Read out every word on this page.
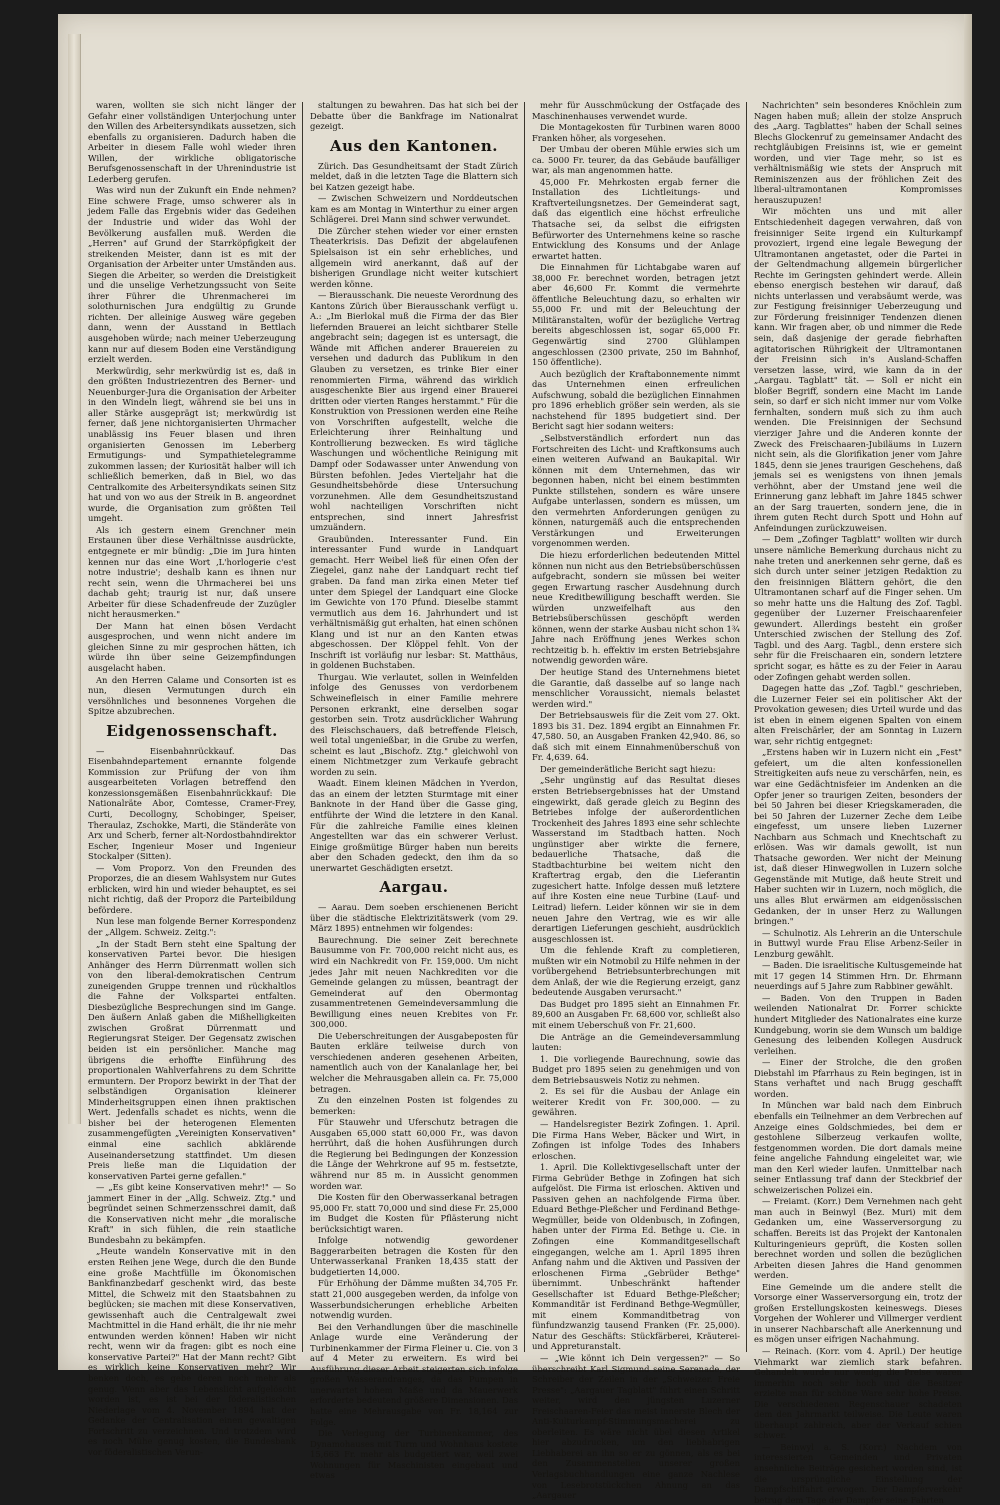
waren, wollten sie sich nicht länger der Gefahr einer vollständigen Unterjochung unter den Willen des Arbeitersyndikats aussetzen, sich ebenfalls zu organisieren. Dadurch haben die Arbeiter in diesem Falle wohl wieder ihren Willen, der wirkliche obligatorische Berufsgenossenschaft in der Uhrenindustrie ist Lederberg gerufen.

Was wird nun der Zukunft ein Ende nehmen? Eine schwere Frage, umso schwerer als in jedem Falle das Ergebnis wider das Gedeihen der Industrie und wider das Wohl der Bevölkerung ausfallen muß. Werden die „Herren" auf Grund der Starrköpfigkeit der streikenden Meister, dann ist es mit der Organisation der Arbeiter unter Umständen aus. Siegen die Arbeiter, so werden die Dreistigkeit und die unselige Verhetzungssucht von Seite ihrer Führer die Uhrenmacherei im solothurnischen Jura endgültig zu Grunde richten. Der alleinige Ausweg wäre gegeben dann, wenn der Ausstand in Bettlach ausgehoben würde; nach meiner Ueberzeugung kann nur auf diesem Boden eine Verständigung erzielt werden.

Merkwürdig, sehr merkwürdig ist es, daß in den größten Industriezentren des Berner- und Neuenburger-Jura die Organisation der Arbeiter in den Windeln liegt, während sie bei uns in aller Stärke ausgeprägt ist; merkwürdig ist ferner, daß jene nichtorganisierten Uhrmacher unablässig ins Feuer blasen und ihren organisierten Genossen im Leberberg Ermutigungs- und Sympathietelegramme zukommen lassen; der Kuriosität halber will ich schließlich bemerken, daß in Biel, wo das Centralkomite des Arbeitersyndikats seinen Sitz hat und von wo aus der Streik in B. angeordnet wurde, die Organisation zum größten Teil umgeht.

Als ich gestern einem Grenchner mein Erstaunen über diese Verhältnisse ausdrückte, entgegnete er mir bündig: „Die im Jura hinten kennen nur das eine Wort ‚L'horlogerie c'est notre industrie'; deshalb kann es ihnen nur recht sein, wenn die Uhrmacherei bei uns dachab geht; traurig ist nur, daß unsere Arbeiter für diese Schadenfreude der Zuzügler nicht herausmerken."

Der Mann hat einen bösen Verdacht ausgesprochen, und wenn nicht andere im gleichen Sinne zu mir gesprochen hätten, ich würde ihn über seine Geizempfindungen ausgelacht haben.

An den Herren Calame und Consorten ist es nun, diesen Vermutungen durch ein versöhnliches und besonnenes Vorgehen die Spitze abzubrechen.

Eidgenossenschaft.

— Eisenbahnrückkauf. Das Eisenbahndepartement ernannte folgende Kommission zur Prüfung der von ihm ausgearbeiteten Vorlagen betreffend den konzessionsgemäßen Eisenbahnrückkauf: Die Nationalräte Abor, Comtesse, Cramer-Frey, Curti, Decollogny, Schobinger, Speiser, Theraulaz, Zschokke, Marti, die Ständeräte von Arx und Scherb, ferner alt-Nordostbahndirektor Escher, Ingenieur Moser und Ingenieur Stockalper (Sitten).

— Vom Proporz. Von den Freunden des Proporzes, die an diesem Wahlsystem nur Gutes erblicken, wird hin und wieder behauptet, es sei nicht richtig, daß der Proporz die Parteibildung befördere.

Nun lese man folgende Berner Korrespondenz der „Allgem. Schweiz. Zeitg.":

„In der Stadt Bern steht eine Spaltung der konservativen Partei bevor. Die hiesigen Anhänger des Herrn Dürrenmatt wollen sich von den liberal-demokratischen Centrum zuneigenden Gruppe trennen und rückhaltlos die Fahne der Volkspartei entfalten. Diesbezügliche Besprechungen sind im Gange. Den äußern Anlaß gaben die Mißhelligkeiten zwischen Großrat Dürrenmatt und Regierungsrat Steiger. Der Gegensatz zwischen beiden ist ein persönlicher. Manche mag übrigens die erhoffte Einführung des proportionalen Wahlverfahrens zu dem Schritte ermuntern. Der Proporz bewirkt in der That der selbständigen Organisation kleinerer Minderheitsgruppen einen ihnen praktischen Wert. Jedenfalls schadet es nichts, wenn die bisher bei der heterogenen Elementen zusammengefügten „Vereinigten Konservativen" einmal eine sachlich abklärende Auseinandersetzung stattfindet. Um diesen Preis ließe man die Liquidation der konservativen Partei gerne gefallen."

— „Es gibt keine Konservativen mehr!" — So jammert Einer in der „Allg. Schweiz. Ztg." und begründet seinen Schmerzensschrei damit, daß die Konservativen nicht mehr „die moralische Kraft" in sich fühlen, die rein staatliche Bundesbahn zu bekämpfen.

„Heute wandeln Konservative mit in den ersten Reihen jene Wege, durch die den Bunde eine große Machtfülle im Ökonomischen Bankfinanzbedarf geschenkt wird, das beste Mittel, die Schweiz mit den Staatsbahnen zu beglücken; sie machen mit diese Konservativen, gewissenhaft auch die Centralgewalt zwei Machtmittel in die Hand erhält, die ihr nie mehr entwunden werden können! Haben wir nicht recht, wenn wir da fragen: gibt es noch eine konservative Partei?" Hat der Mann recht? Gibt es wirklich keine Konservativen mehr? Wir benken doch, es gebe deren noch mehr als genug. Wenn aber das Lebenslicht aufgelöscht worden ist, es ist bei der föderalistischen Niederlage vom 4. November 1894 hat der Gedanke der Centralisation einen gewaltigen Fortschritt zu verzeichnen. Und trotzdem wird es noch Mühe genug kosten, die Bundesbank vor föderalistischen Verun-

staltungen zu bewahren. Das hat sich bei der Debatte über die Bankfrage im Nationalrat gezeigt.

Aus den Kantonen.

Zürich. Das Gesundheitsamt der Stadt Zürich meldet, daß in die letzten Tage die Blattern sich bei Katzen gezeigt habe.

— Zwischen Schweizern und Norddeutschen kam es am Montag in Winterthur zu einer argen Schlägerei. Drei Mann sind schwer verwundet.

Die Zürcher stehen wieder vor einer ernsten Theaterkrisis. Das Defizit der abgelaufenen Spielsaison ist ein sehr erhebliches, und allgemein wird anerkannt, daß auf der bisherigen Grundlage nicht weiter kutschiert werden könne.

— Bierausschank. Die neueste Verordnung des Kantons Zürich über Bierausschank verfügt u. A.: „Im Bierlokal muß die Firma der das Bier liefernden Brauerei an leicht sichtbarer Stelle angebracht sein; dagegen ist es untersagt, die Wände mit Affichen anderer Brauereien zu versehen und dadurch das Publikum in den Glauben zu versetzen, es trinke Bier einer renommierten Firma, während das wirklich ausgeschenkte Bier aus irgend einer Brauerei dritten oder vierten Ranges herstammt." Für die Konstruktion von Pressionen werden eine Reihe von Vorschriften aufgestellt, welche die Erleichterung ihrer Reinhaltung und Kontrollierung bezwecken. Es wird tägliche Waschungen und wöchentliche Reinigung mit Dampf oder Sodawasser unter Anwendung von Bürsten befohlen. Jedes Vierteljahr hat die Gesundheitsbehörde diese Untersuchung vorzunehmen. Alle dem Gesundheitszustand wohl nachteiligen Vorschriften nicht entsprechen, sind innert Jahresfrist umzuändern.

Graubünden. Interessanter Fund. Ein interessanter Fund wurde in Landquart gemacht. Herr Weibel ließ für einen Ofen der Ziegelei, ganz nahe der Landquart recht tief graben. Da fand man zirka einen Meter tief unter dem Spiegel der Landquart eine Glocke im Gewichte von 170 Pfund. Dieselbe stammt vermutlich aus dem 16. Jahrhundert und ist verhältnismäßig gut erhalten, hat einen schönen Klang und ist nur an den Kanten etwas abgeschossen. Der Klöppel fehlt. Von der Inschrift ist vorläufig nur lesbar: St. Matthäus, in goldenen Buchstaben.

Thurgau. Wie verlautet, sollen in Weinfelden infolge des Genusses von verdorbenem Schweinefleisch in einer Familie mehrere Personen erkrankt, eine derselben sogar gestorben sein. Trotz ausdrücklicher Wahrung des Fleischschauers, daß betreffende Fleisch, weil total ungenießbar, in die Grube zu werfen, scheint es laut „Bischofz. Ztg." gleichwohl von einem Nichtmetzger zum Verkaufe gebracht worden zu sein.

Waadt. Einem kleinen Mädchen in Yverdon, das an einem der letzten Sturmtage mit einer Banknote in der Hand über die Gasse ging, entführte der Wind die letztere in den Kanal. Für die zahlreiche Familie eines kleinen Angestellten war das ein schwerer Verlust. Einige großmütige Bürger haben nun bereits aber den Schaden gedeckt, den ihm da so unerwartet Geschädigten ersetzt.

Aargau.

— Aarau. Dem soeben erschienenen Bericht über die städtische Elektrizitätswerk (vom 29. März 1895) entnehmen wir folgendes:

Baurechnung. Die seiner Zeit berechnete Bausumme von Fr. 700,000 reicht nicht aus, es wird ein Nachkredit von Fr. 159,000. Um nicht jedes Jahr mit neuen Nachkrediten vor die Gemeinde gelangen zu müssen, beantragt der Gemeinderat auf den Obermontag zusammentretenen Gemeindeversammlung die Bewilligung eines neuen Krebites von Fr. 300,000.

Die Ueberschreitungen der Ausgabeposten für Bauten erkläre teilweise durch von verschiedenen anderen gesehenen Arbeiten, namentlich auch von der Kanalanlage her, bei welcher die Mehrausgaben allein ca. Fr. 75,000 betragen.

Zu den einzelnen Posten ist folgendes zu bemerken:

Für Stauwehr und Uferschutz betragen die Ausgaben 65,000 statt 60,000 Fr., was davon herrührt, daß die hohen Ausführungen durch die Regierung bei Bedingungen der Konzession die Länge der Wehrkrone auf 95 m. festsetzte, während nur 85 m. in Aussicht genommen worden war.

Die Kosten für den Oberwasserkanal betragen 95,000 Fr. statt 70,000 und sind diese Fr. 25,000 im Budget die Kosten für Pflästerung nicht berücksichtigt waren.

Infolge notwendig gewordener Baggerarbeiten betragen die Kosten für den Unterwasserkanal Franken 18,435 statt der budgetierten 14,000.

Für Erhöhung der Dämme mußten 34,705 Fr. statt 21,000 ausgegeben werden, da infolge von Wasserbundsicherungen erhebliche Arbeiten notwendig wurden.

Bei den Verhandlungen über die maschinelle Anlage wurde eine Veränderung der Turbinenkammer der Firma Fleiner u. Cie. von 3 auf 4 Meter zu erweitern. Es wird bei Ausführung dieser Arbeit steigerten sich infolge großen Wasserandranges, da das Pumpen in unerwartet hohem Maße und da Mauerwerk erforderte bedeutend größere Dimensionen. Das hatte eine Mehrausgabe von Fr. 18,164 zur Folge.

Die Verlegung der Turbinenkammer, des Dynamohauses mit Turm und Wohnhaus kostete 15,663 Fr. mehr als budgetiert war, weil zwei Wohnungen für Maschinisten eingebaut und etwas

mehr für Ausschmückung der Ostfaçade des Maschinenhauses verwendet wurde.

Die Montagekosten für Turbinen waren 8000 Franken höher, als vorgesehen.

Der Umbau der oberen Mühle erwies sich um ca. 5000 Fr. teurer, da das Gebäude baufälliger war, als man angenommen hatte.

45,000 Fr. Mehrkosten ergab ferner die Installation des Lichtleitungs- und Kraftverteilungsnetzes. Der Gemeinderat sagt, daß das eigentlich eine höchst erfreuliche Thatsache sei, da selbst die eifrigsten Befürworter des Unternehmens keine so rasche Entwicklung des Konsums und der Anlage erwartet hatten.

Die Einnahmen für Lichtabgabe waren auf 38,000 Fr. berechnet worden, betragen jetzt aber 46,600 Fr. Kommt die vermehrte öffentliche Beleuchtung dazu, so erhalten wir 55,000 Fr. und mit der Beleuchtung der Militäranstalten, wofür der bezügliche Vertrag bereits abgeschlossen ist, sogar 65,000 Fr. Gegenwärtig sind 2700 Glühlampen angeschlossen (2300 private, 250 im Bahnhof, 150 öffentliche).

Auch bezüglich der Kraftabonnemente nimmt das Unternehmen einen erfreulichen Aufschwung, sobald die bezüglichen Einnahmen pro 1896 erheblich größer sein werden, als sie nachstehend für 1895 budgetiert sind. Der Bericht sagt hier sodann weiters:

„Selbstverständlich erfordert nun das Fortschreiten des Licht- und Kraftkonsums auch einen weiteren Aufwand an Baukapital. Wir können mit dem Unternehmen, das wir begonnen haben, nicht bei einem bestimmten Punkte stillstehen, sondern es wäre unsere Aufgabe unterlassen, sondern es müssen, um den vermehrten Anforderungen genügen zu können, naturgemäß auch die entsprechenden Verstärkungen und Erweiterungen vorgenommen werden.

Die hiezu erforderlichen bedeutenden Mittel können nun nicht aus den Betriebsüberschüssen aufgebracht, sondern sie müssen bei weiter gegen Erwartung rascher Ausdehnung durch neue Kreditbewilligung beschafft werden. Sie würden unzweifelhaft aus den Betriebsüberschüssen geschöpft werden können, wenn der starke Ausbau nicht schon 1¾ Jahre nach Eröffnung jenes Werkes schon rechtzeitig b. h. effektiv im ersten Betriebsjahre notwendig geworden wäre.

Der heutige Stand des Unternehmens bietet die Garantie, daß dasselbe auf so lange nach menschlicher Voraussicht, niemals belastet werden wird."

Der Betriebsausweis für die Zeit vom 27. Okt. 1893 bis 31. Dez. 1894 ergibt an Einnahmen Fr. 47,580. 50, an Ausgaben Franken 42,940. 86, so daß sich mit einem Einnahmenüberschuß von Fr. 4,639. 64.

Der gemeinderätliche Bericht sagt hiezu:

„Sehr ungünstig auf das Resultat dieses ersten Betriebsergebnisses hat der Umstand eingewirkt, daß gerade gleich zu Beginn des Betriebes infolge der außerordentlichen Trockenheit des Jahres 1893 eine sehr schlechte Wasserstand im Stadtbach hatten. Noch ungünstiger aber wirkte die fernere, bedauerliche Thatsache, daß die Stadtbachturbine bei weitem nicht den Kraftertrag ergab, den die Lieferantin zugesichert hatte. Infolge dessen muß letztere auf ihre Kosten eine neue Turbine (Lauf- und Leitrad) liefern. Leider können wir sie in dem neuen Jahre den Vertrag, wie es wir alle derartigen Lieferungen geschieht, ausdrücklich ausgeschlossen ist.

Um die fehlende Kraft zu completieren, mußten wir ein Notmobil zu Hilfe nehmen in der vorübergehend Betriebsunterbrechungen mit dem Anlaß, der wie die Regierung erzeigt, ganz bedeutende Ausgaben verursacht."

Das Budget pro 1895 sieht an Einnahmen Fr. 89,600 an Ausgaben Fr. 68,600 vor, schließt also mit einem Ueberschuß von Fr. 21,600.

Die Anträge an die Gemeindeversammlung lauten:

1. Die vorliegende Baurechnung, sowie das Budget pro 1895 seien zu genehmigen und von dem Betriebsausweis Notiz zu nehmen.

2. Es sei für die Ausbau der Anlage ein weiterer Kredit von Fr. 300,000. — zu gewähren.

— Handelsregister Bezirk Zofingen. 1. April. Die Firma Hans Weber, Bäcker und Wirt, in Zofingen ist infolge Todes des Inhabers erloschen.

1. April. Die Kollektivgesellschaft unter der Firma Gebrüder Bethge in Zofingen hat sich aufgelöst. Die Firma ist erloschen. Aktiven und Passiven gehen an nachfolgende Firma über. Eduard Bethge-Pleßcher und Ferdinand Bethge-Wegmüller, beide von Oldenbusch, in Zofingen, haben unter der Firma Ed. Bethge u. Cie. in Zofingen eine Kommanditgesellschaft eingegangen, welche am 1. April 1895 ihren Anfang nahm und die Aktiven und Passiven der erloschenen Firma „Gebrüder Bethge" übernimmt. Unbeschränkt haftender Gesellschafter ist Eduard Bethge-Pleßcher; Kommanditär ist Ferdinand Bethge-Wegmüller, mit einem Kommanditbetrag von fünfundzwanzig tausend Franken (Fr. 25,000). Natur des Geschäfts: Stückfärberei, Kräuterei- und Appreturanstalt.

— „Wie könnt ich Dein vergessen?" — So überschreibt Karl Sigmund seine Serenade, der Schreiber der Zeilen in der „Schweizer. Freie Presse": „Aargauer Tagblatt" führt einen Schritt weiter, wird den jüngsten Luzerner Freischaaren-Feier das meist innerste Blech der Anti-Kulturkampf-Stimmungsmacherei zu oberleiten. Es wäre nicht übel diesen Artikel hier abzudrucken, um den liebhabrigen Liebhaberei an ihn so er zu gönnen, als es bei den Zusammenstellen unserer großen Verlagsbuchhandlungen eine ganze Nachlese von Lesebrotstückchen Ahnung an das „Aargauer

Nachrichten" sein besonderes Knöchlein zum Nagen haben muß; allein der stolze Anspruch des „Aarg. Tagblattes" haben der Schall seines Blechs Glockenruf zu gemeinsamer Andacht des rechtgläubigen Freisinns ist, wie er gemeint worden, und vier Tage mehr, so ist es verhältnismäßig wie stets der Anspruch mit Reminiszenzen aus der fröhlichen Zeit des liberal-ultramontanen Kompromisses herauszupuzen!

Wir möchten uns und mit aller Entschiedenheit dagegen verwahren, daß von freisinniger Seite irgend ein Kulturkampf provoziert, irgend eine legale Bewegung der Ultramontanen angetastet, oder die Partei in der Geltendmachung allgemein bürgerlicher Rechte im Geringsten gehindert werde. Allein ebenso energisch bestehen wir darauf, daß nichts unterlassen und verabsäumt werde, was zur Festigung freisinniger Ueberzeugung und zur Förderung freisinniger Tendenzen dienen kann. Wir fragen aber, ob und nimmer die Rede sein, daß dasjenige der gerade fiebrhaften agitatorischen Rührigkeit der Ultramontanen der Freisinn sich in's Ausland-Schaffen versetzen lasse, wird, wie kann da in der „Aargau. Tagblatt" tät. — Soll er nicht ein bloßer Begriff, sondern eine Macht im Lande sein, so darf er sich nicht immer nur vom Volke fernhalten, sondern muß sich zu ihm auch wenden. Die Freisinnigen der Sechsund vierziger Jahre und die Anderen konnte der Zweck des Freischaaren-Jubiläums in Luzern nicht sein, als die Glorifikation jener vom Jahre 1845, denn sie jenes traurigen Geschehens, daß jemals sei es wenigstens von ihnen jemals verhöhnt, aber der Umstand jene weil die Erinnerung ganz lebhaft im Jahre 1845 schwer an der Sarg trauerten, sondern jene, die in ihrem guten Recht durch Spott und Hohn auf Anfeindungen zurückzuweisen.

— Dem „Zofinger Tagblatt" wollten wir durch unsere nämliche Bemerkung durchaus nicht zu nahe treten und anerkennen sehr gerne, daß es sich durch unter seiner jetzigen Redaktion zu den freisinnigen Blättern gehört, die den Ultramontanen scharf auf die Finger sehen. Um so mehr hatte uns die Haltung des Zof. Tagbl. gegenüber der Luzerner Freischaarenfeier gewundert. Allerdings besteht ein großer Unterschied zwischen der Stellung des Zof. Tagbl. und des Aarg. Tagbl., denn erstere sich sehr für die Freischaaren ein, sondern letztere spricht sogar, es hätte es zu der Feier in Aarau oder Zofingen gehabt werden sollen.

Dagegen hatte das „Zof. Tagbl." geschrieben, die Luzerner Feier sei ein politischer Akt der Provokation gewesen; dies Urteil wurde und das ist eben in einem eigenen Spalten von einem alten Freischärler, der am Sonntag in Luzern war, sehr richtig entgegnet:

„Erstens haben wir in Luzern nicht ein „Fest" gefeiert, um die alten konfessionellen Streitigkeiten aufs neue zu verschärfen, nein, es war eine Gedächtnisfeier im Andenken an die Opfer jener so traurigen Zeiten, besonders der bei 50 Jahren bei dieser Kriegskameraden, die bei 50 Jahren der Luzerner Zeche dem Leibe eingefesst, um unsere lieben Luzerner Nachbarn aus Schmach und Knechtschaft zu erlösen. Was wir damals gewollt, ist nun Thatsache geworden. Wer nicht der Meinung ist, daß dieser Hinwegwollen in Luzern solche Gegenstände mit Mutige, daß heute Streit und Haber suchten wir in Luzern, noch möglich, die uns alles Blut erwärmen am eidgenössischen Gedanken, der in unser Herz zu Wallungen bringen."

— Schulnotiz. Als Lehrerin an die Unterschule in Buttwyl wurde Frau Elise Arbenz-Seiler in Lenzburg gewählt.

— Baden. Die israelitische Kultusgemeinde hat mit 17 gegen 14 Stimmen Hrn. Dr. Ehrmann neuerdings auf 5 Jahre zum Rabbiner gewählt.

— Baden. Von den Truppen in Baden weilenden Nationalrat Dr. Forrer schickte hundert Mitglieder des Nationalrates eine kurze Kundgebung, worin sie dem Wunsch um baldige Genesung des leibenden Kollegen Ausdruck verleihen.

— Einer der Strolche, die den großen Diebstahl im Pfarrhaus zu Rein begingen, ist in Stans verhaftet und nach Brugg geschafft worden.

In München war bald nach dem Einbruch ebenfalls ein Teilnehmer an dem Verbrechen auf Anzeige eines Goldschmiedes, bei dem er gestohlene Silberzeug verkaufen wollte, festgenommen worden. Die dort damals meine feine angeliche Fahndung eingeleitet war, wie man den Kerl wieder laufen. Unmittelbar nach seiner Entlassung traf dann der Steckbrief der schweizerischen Polizei ein.

— Freiamt. (Korr.) Dem Vernehmen nach geht man auch in Beinwyl (Bez. Muri) mit dem Gedanken um, eine Wasserversorgung zu schaffen. Bereits ist das Projekt der Kantonalen Kulturingenieurs geprüft, die Kosten sollen berechnet worden und sollen die bezüglichen Arbeiten diesen Jahres die Hand genommen werden.

Eine Gemeinde um die andere stellt die Vorsorge einer Wasserversorgung ein, trotz der großen Erstellungskosten keineswegs. Dieses Vorgehen der Wohlerer und Villmerger verdient in unserer Nachbarschaft alle Anerkennung und es mögen unser eifrigen Nachahmung.

— Reinach. (Korr. vom 4. April.) Der heutige Viehmarkt war ziemlich stark befahren. Gehandelt wurde nur wenig; die Preise waren immerhin noch sehr hoch und die Besitzer erzielte man für schöne Ware sehr hohe Preise. Die verschiedenen Regenschauer schadeten dem den Jahrmarkt teilweise. Die Leute waren überhaupt zahlreich, aber der Verkauf schien schwer.

— Beinwyl a. S. (Korr.) Nachdem von interessierten Gemeinden und Privaten ansehnliche Beiträge gesichert worden sind, ist die ursprüngliche Einstellung der Dampfschiffahrt erwogen. Der Dampferverkehr betrug dem Tage der Dampfer seine Fahrten
